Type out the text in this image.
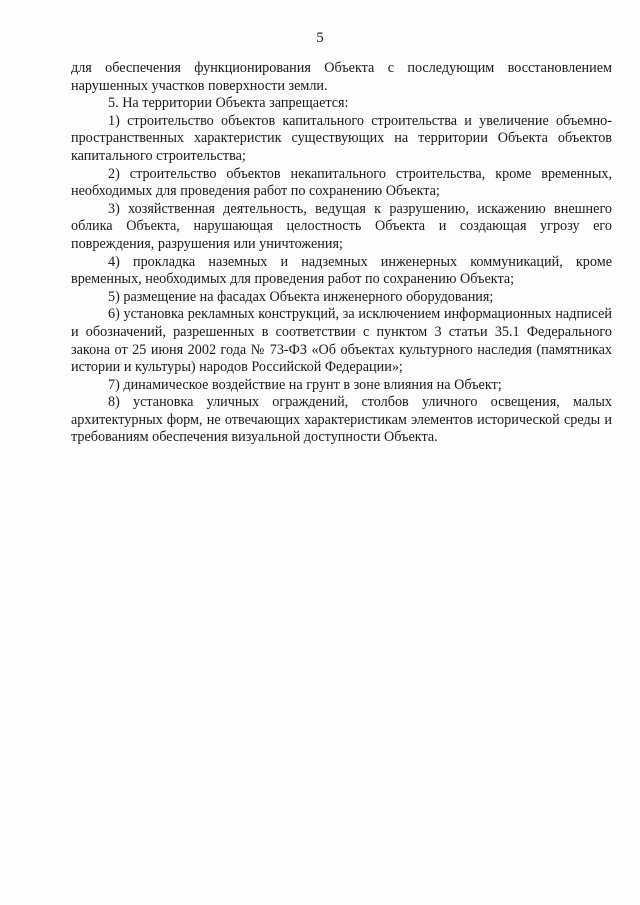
5

для обеспечения функционирования Объекта с последующим восстановлением нарушенных участков поверхности земли.

5. На территории Объекта запрещается:

1) строительство объектов капитального строительства и увеличение объемно-пространственных характеристик существующих на территории Объекта объектов капитального строительства;

2) строительство объектов некапитального строительства, кроме временных, необходимых для проведения работ по сохранению Объекта;

3) хозяйственная деятельность, ведущая к разрушению, искажению внешнего облика Объекта, нарушающая целостность Объекта и создающая угрозу его повреждения, разрушения или уничтожения;

4) прокладка наземных и надземных инженерных коммуникаций, кроме временных, необходимых для проведения работ по сохранению Объекта;

5) размещение на фасадах Объекта инженерного оборудования;

6) установка рекламных конструкций, за исключением информационных надписей и обозначений, разрешенных в соответствии с пунктом 3 статьи 35.1 Федерального закона от 25 июня 2002 года № 73-ФЗ «Об объектах культурного наследия (памятниках истории и культуры) народов Российской Федерации»;

7) динамическое воздействие на грунт в зоне влияния на Объект;

8) установка уличных ограждений, столбов уличного освещения, малых архитектурных форм, не отвечающих характеристикам элементов исторической среды и требованиям обеспечения визуальной доступности Объекта.
